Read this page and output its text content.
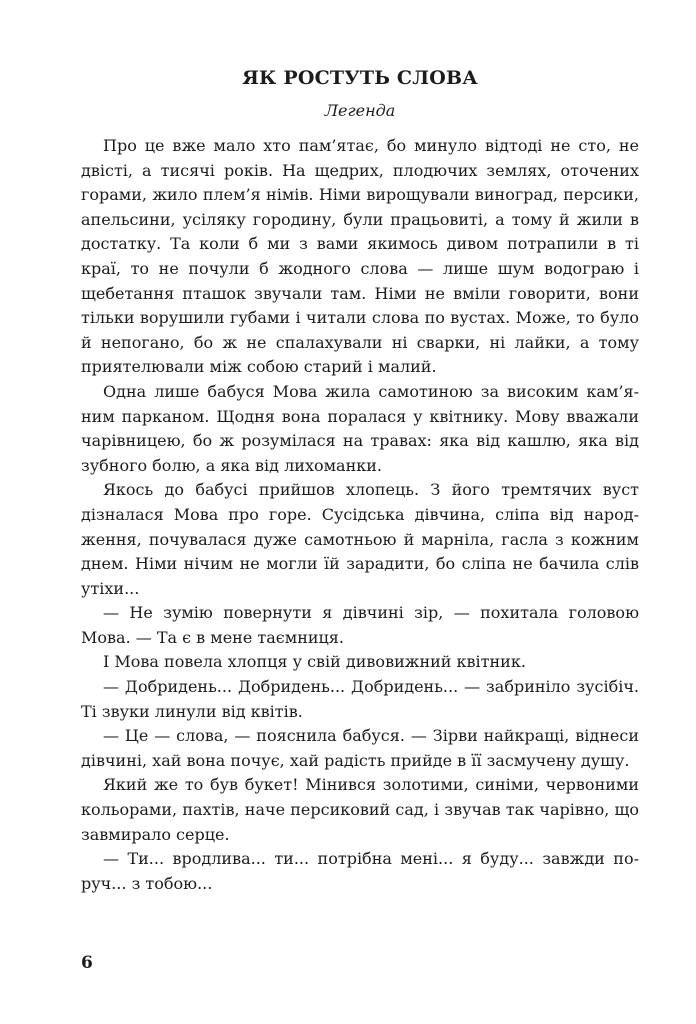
ЯК РОСТУТЬ СЛОВА
Легенда

Про це вже мало хто пам’ятає, бо минуло відтоді не сто, не двісті, а тисячі років. На щедрих, плодючих землях, оточених горами, жило плем’я німів. Німи вирощували виноград, персики, апельсини, усіляку городину, були працьовиті, а тому й жили в достатку. Та коли б ми з вами якимось дивом потрапили в ті краї, то не почули б жодного слова — лише шум водограю і щебетання пташок звучали там. Німи не вміли говорити, вони тільки ворушили губами і читали слова по вустах. Може, то було й непогано, бо ж не спалахували ні сварки, ні лайки, а тому приятелювали між собою старий і малий.

Одна лише бабуся Мова жила самотиною за високим кам’яним парканом. Щодня вона поралася у квітнику. Мову вважали чарівницею, бо ж розумілася на травах: яка від кашлю, яка від зубного болю, а яка від лихоманки.

Якось до бабусі прийшов хлопець. З його тремтячих вуст дізналася Мова про горе. Сусідська дівчина, сліпа від народження, почувалася дуже самотньою й марніла, гасла з кожним днем. Німи нічим не могли їй зарадити, бо сліпа не бачила слів утіхи...

— Не зумію повернути я дівчині зір, — похитала головою Мова. — Та є в мене таємниця.

І Мова повела хлопця у свій дивовижний квітник.

— Добридень... Добридень... Добридень... — забриніло зусібіч. Ті звуки линули від квітів.

— Це — слова, — пояснила бабуся. — Зірви найкращі, віднеси дівчині, хай вона почує, хай радість прийде в її засмучену душу.

Який же то був букет! Мінився золотими, синіми, червоними кольорами, пахтів, наче персиковий сад, і звучав так чарівно, що завмирало серце.

— Ти... вродлива... ти... потрібна мені... я буду... завжди поруч... з тобою...

6
